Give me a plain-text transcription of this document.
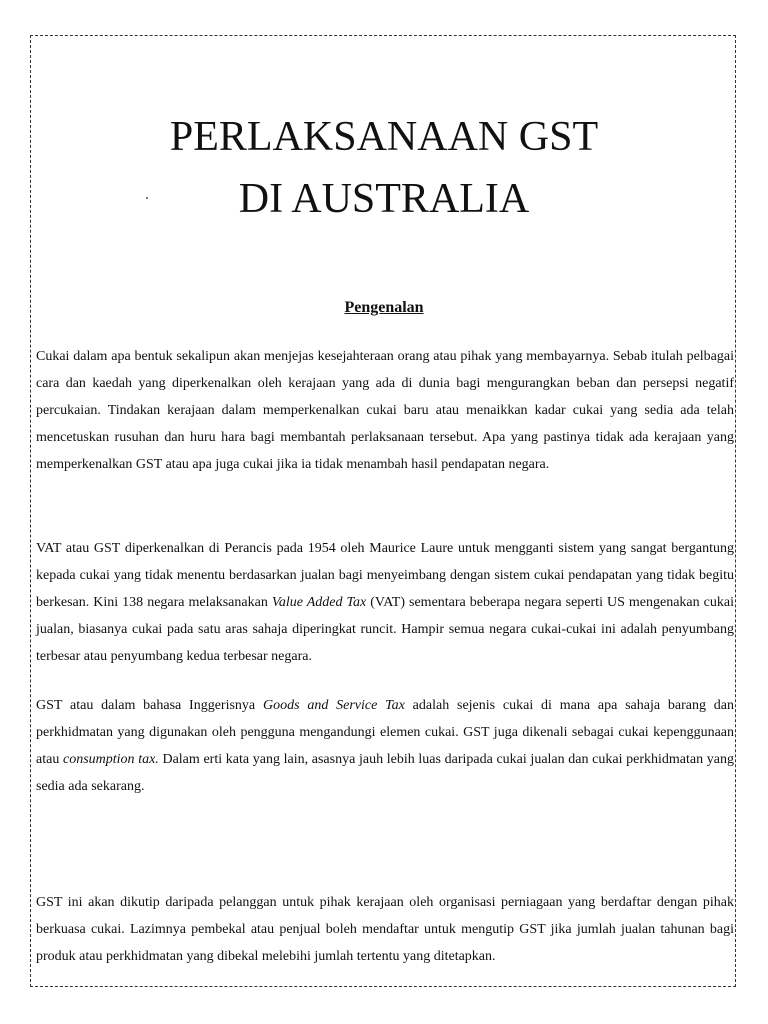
PERLAKSANAAN GST
DI AUSTRALIA
Pengenalan

Cukai dalam apa bentuk sekalipun akan menjejas kesejahteraan orang atau pihak yang membayarnya. Sebab itulah pelbagai cara dan kaedah yang diperkenalkan oleh kerajaan yang ada di dunia bagi mengurangkan beban dan persepsi negatif percukaian. Tindakan kerajaan dalam memperkenalkan cukai baru atau menaikkan kadar cukai yang sedia ada telah mencetuskan rusuhan dan huru hara bagi membantah perlaksanaan tersebut. Apa yang pastinya tidak ada kerajaan yang memperkenalkan GST atau apa juga cukai jika ia tidak menambah hasil pendapatan negara.

VAT atau GST diperkenalkan di Perancis pada 1954 oleh Maurice Laure untuk mengganti sistem yang sangat bergantung kepada cukai yang tidak menentu berdasarkan jualan bagi menyeimbang dengan sistem cukai pendapatan yang tidak begitu berkesan. Kini 138 negara melaksanakan Value Added Tax (VAT) sementara beberapa negara seperti US mengenakan cukai jualan, biasanya cukai pada satu aras sahaja diperingkat runcit. Hampir semua negara cukai-cukai ini adalah penyumbang terbesar atau penyumbang kedua terbesar negara.

GST atau dalam bahasa Inggerisnya Goods and Service Tax adalah sejenis cukai di mana apa sahaja barang dan perkhidmatan yang digunakan oleh pengguna mengandungi elemen cukai. GST juga dikenali sebagai cukai kepenggunaan atau consumption tax. Dalam erti kata yang lain, asasnya jauh lebih luas daripada cukai jualan dan cukai perkhidmatan yang sedia ada sekarang.

GST ini akan dikutip daripada pelanggan untuk pihak kerajaan oleh organisasi perniagaan yang berdaftar dengan pihak berkuasa cukai. Lazimnya pembekal atau penjual boleh mendaftar untuk mengutip GST jika jumlah jualan tahunan bagi produk atau perkhidmatan yang dibekal melebihi jumlah tertentu yang ditetapkan.
